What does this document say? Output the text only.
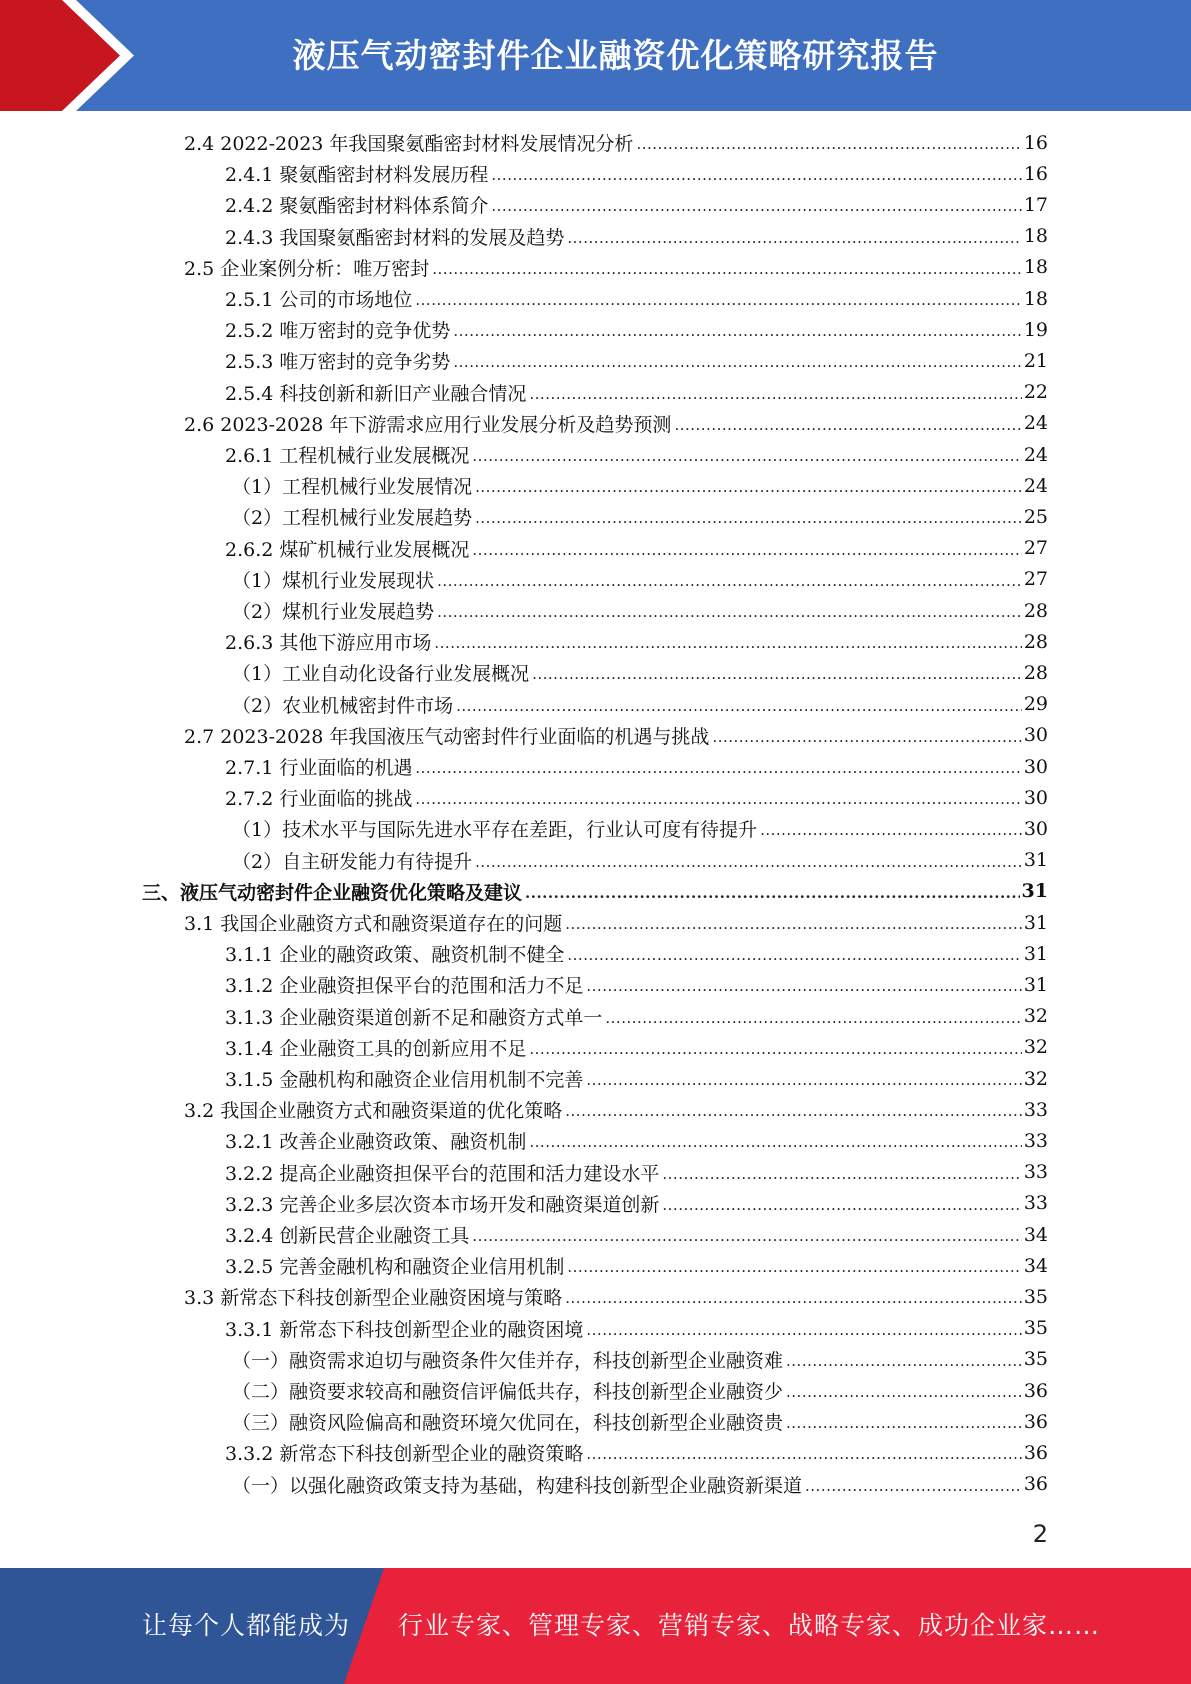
液压气动密封件企业融资优化策略研究报告
2.4 2022-2023 年我国聚氨酯密封材料发展情况分析 .....	16
2.4.1 聚氨酯密封材料发展历程 .....	16
2.4.2 聚氨酯密封材料体系简介 .....	17
2.4.3 我国聚氨酯密封材料的发展及趋势 .....	18
2.5 企业案例分析：唯万密封 .....	18
2.5.1 公司的市场地位 .....	18
2.5.2 唯万密封的竞争优势 .....	19
2.5.3 唯万密封的竞争劣势 .....	21
2.5.4 科技创新和新旧产业融合情况 .....	22
2.6 2023-2028 年下游需求应用行业发展分析及趋势预测 .....	24
2.6.1 工程机械行业发展概况 .....	24
（1）工程机械行业发展情况 .....	24
（2）工程机械行业发展趋势 .....	25
2.6.2 煤矿机械行业发展概况 .....	27
（1）煤机行业发展现状 .....	27
（2）煤机行业发展趋势 .....	28
2.6.3 其他下游应用市场 .....	28
（1）工业自动化设备行业发展概况 .....	28
（2）农业机械密封件市场 .....	29
2.7 2023-2028 年我国液压气动密封件行业面临的机遇与挑战 .....	30
2.7.1 行业面临的机遇 .....	30
2.7.2 行业面临的挑战 .....	30
（1）技术水平与国际先进水平存在差距，行业认可度有待提升 .....	30
（2）自主研发能力有待提升 .....	31
三、液压气动密封件企业融资优化策略及建议 .....	31
3.1 我国企业融资方式和融资渠道存在的问题 .....	31
3.1.1 企业的融资政策、融资机制不健全 .....	31
3.1.2 企业融资担保平台的范围和活力不足 .....	31
3.1.3 企业融资渠道创新不足和融资方式单一 .....	32
3.1.4 企业融资工具的创新应用不足 .....	32
3.1.5 金融机构和融资企业信用机制不完善 .....	32
3.2 我国企业融资方式和融资渠道的优化策略 .....	33
3.2.1 改善企业融资政策、融资机制 .....	33
3.2.2 提高企业融资担保平台的范围和活力建设水平 .....	33
3.2.3 完善企业多层次资本市场开发和融资渠道创新 .....	33
3.2.4 创新民营企业融资工具 .....	34
3.2.5 完善金融机构和融资企业信用机制 .....	34
3.3 新常态下科技创新型企业融资困境与策略 .....	35
3.3.1 新常态下科技创新型企业的融资困境 .....	35
（一）融资需求迫切与融资条件欠佳并存，科技创新型企业融资难 .....	35
（二）融资要求较高和融资信评偏低共存，科技创新型企业融资少 .....	36
（三）融资风险偏高和融资环境欠优同在，科技创新型企业融资贵 .....	36
3.3.2 新常态下科技创新型企业的融资策略 .....	36
（一）以强化融资政策支持为基础，构建科技创新型企业融资新渠道 .....	36
2
让每个人都能成为 行业专家、管理专家、营销专家、战略专家、成功企业家……
